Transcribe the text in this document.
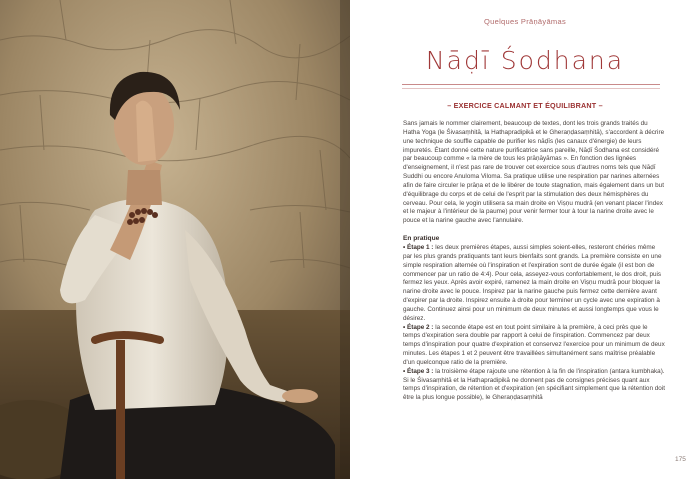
Quelques Prāṇāyāmas
Nāḍī Śodhana
– EXERCICE CALMANT ET ÉQUILIBRANT –

Sans jamais le nommer clairement, beaucoup de textes, dont les trois grands traités du Hatha Yoga (le Śivasaṃhitā, la Hathapradipikā et le Gheraṇḍasaṃhitā), s'accordent à décrire une technique de souffle capable de purifier les nāḍīs (les canaux d'énergie) de leurs impuretés. Étant donné cette nature purificatrice sans pareille, Nāḍī Śodhana est considéré par beaucoup comme « la mère de tous les prāṇāyāmas ». En fonction des lignées d'enseignement, il n'est pas rare de trouver cet exercice sous d'autres noms tels que Nāḍī Suddhi ou encore Anuloma Viloma. Sa pratique utilise une respiration par narines alternées afin de faire circuler le prāṇa et de le libérer de toute stagnation, mais également dans un but d'équilibrage du corps et de celui de l'esprit par la stimulation des deux hémisphères du cerveau. Pour cela, le yogin utilisera sa main droite en Viṣṇu mudrā (en venant placer l'index et le majeur à l'intérieur de la paume) pour venir fermer tour à tour la narine droite avec le pouce et la narine gauche avec l'annulaire.

En pratique

• Étape 1 : les deux premières étapes, aussi simples soient-elles, resteront chéries même par les plus grands pratiquants tant leurs bienfaits sont grands. La première consiste en une simple respiration alternée où l'inspiration et l'expiration sont de durée égale (il est bon de commencer par un ratio de 4:4). Pour cela, asseyez-vous confortablement, le dos droit, puis fermez les yeux. Après avoir expiré, ramenez la main droite en Viṣṇu mudrā pour bloquer la narine droite avec le pouce. Inspirez par la narine gauche puis fermez cette dernière avant d'expirer par la droite. Inspirez ensuite à droite pour terminer un cycle avec une expiration à gauche. Continuez ainsi pour un minimum de deux minutes et aussi longtemps que vous le désirez.

• Étape 2 : la seconde étape est en tout point similaire à la première, à ceci près que le temps d'expiration sera double par rapport à celui de l'inspiration. Commencez par deux temps d'inspiration pour quatre d'expiration et conservez l'exercice pour un minimum de deux minutes. Les étapes 1 et 2 peuvent être travaillées simultanément sans maîtrise préalable d'un quelconque ratio de la première.

• Étape 3 : la troisième étape rajoute une rétention à la fin de l'inspiration (antara kumbhaka). Si le Śivasaṃhitā et la Hathapradipikā ne donnent pas de consignes précises quant aux temps d'inspiration, de rétention et d'expiration (en spécifiant simplement que la rétention doit être la plus longue possible), le Gheraṇḍasaṃhitā

175
